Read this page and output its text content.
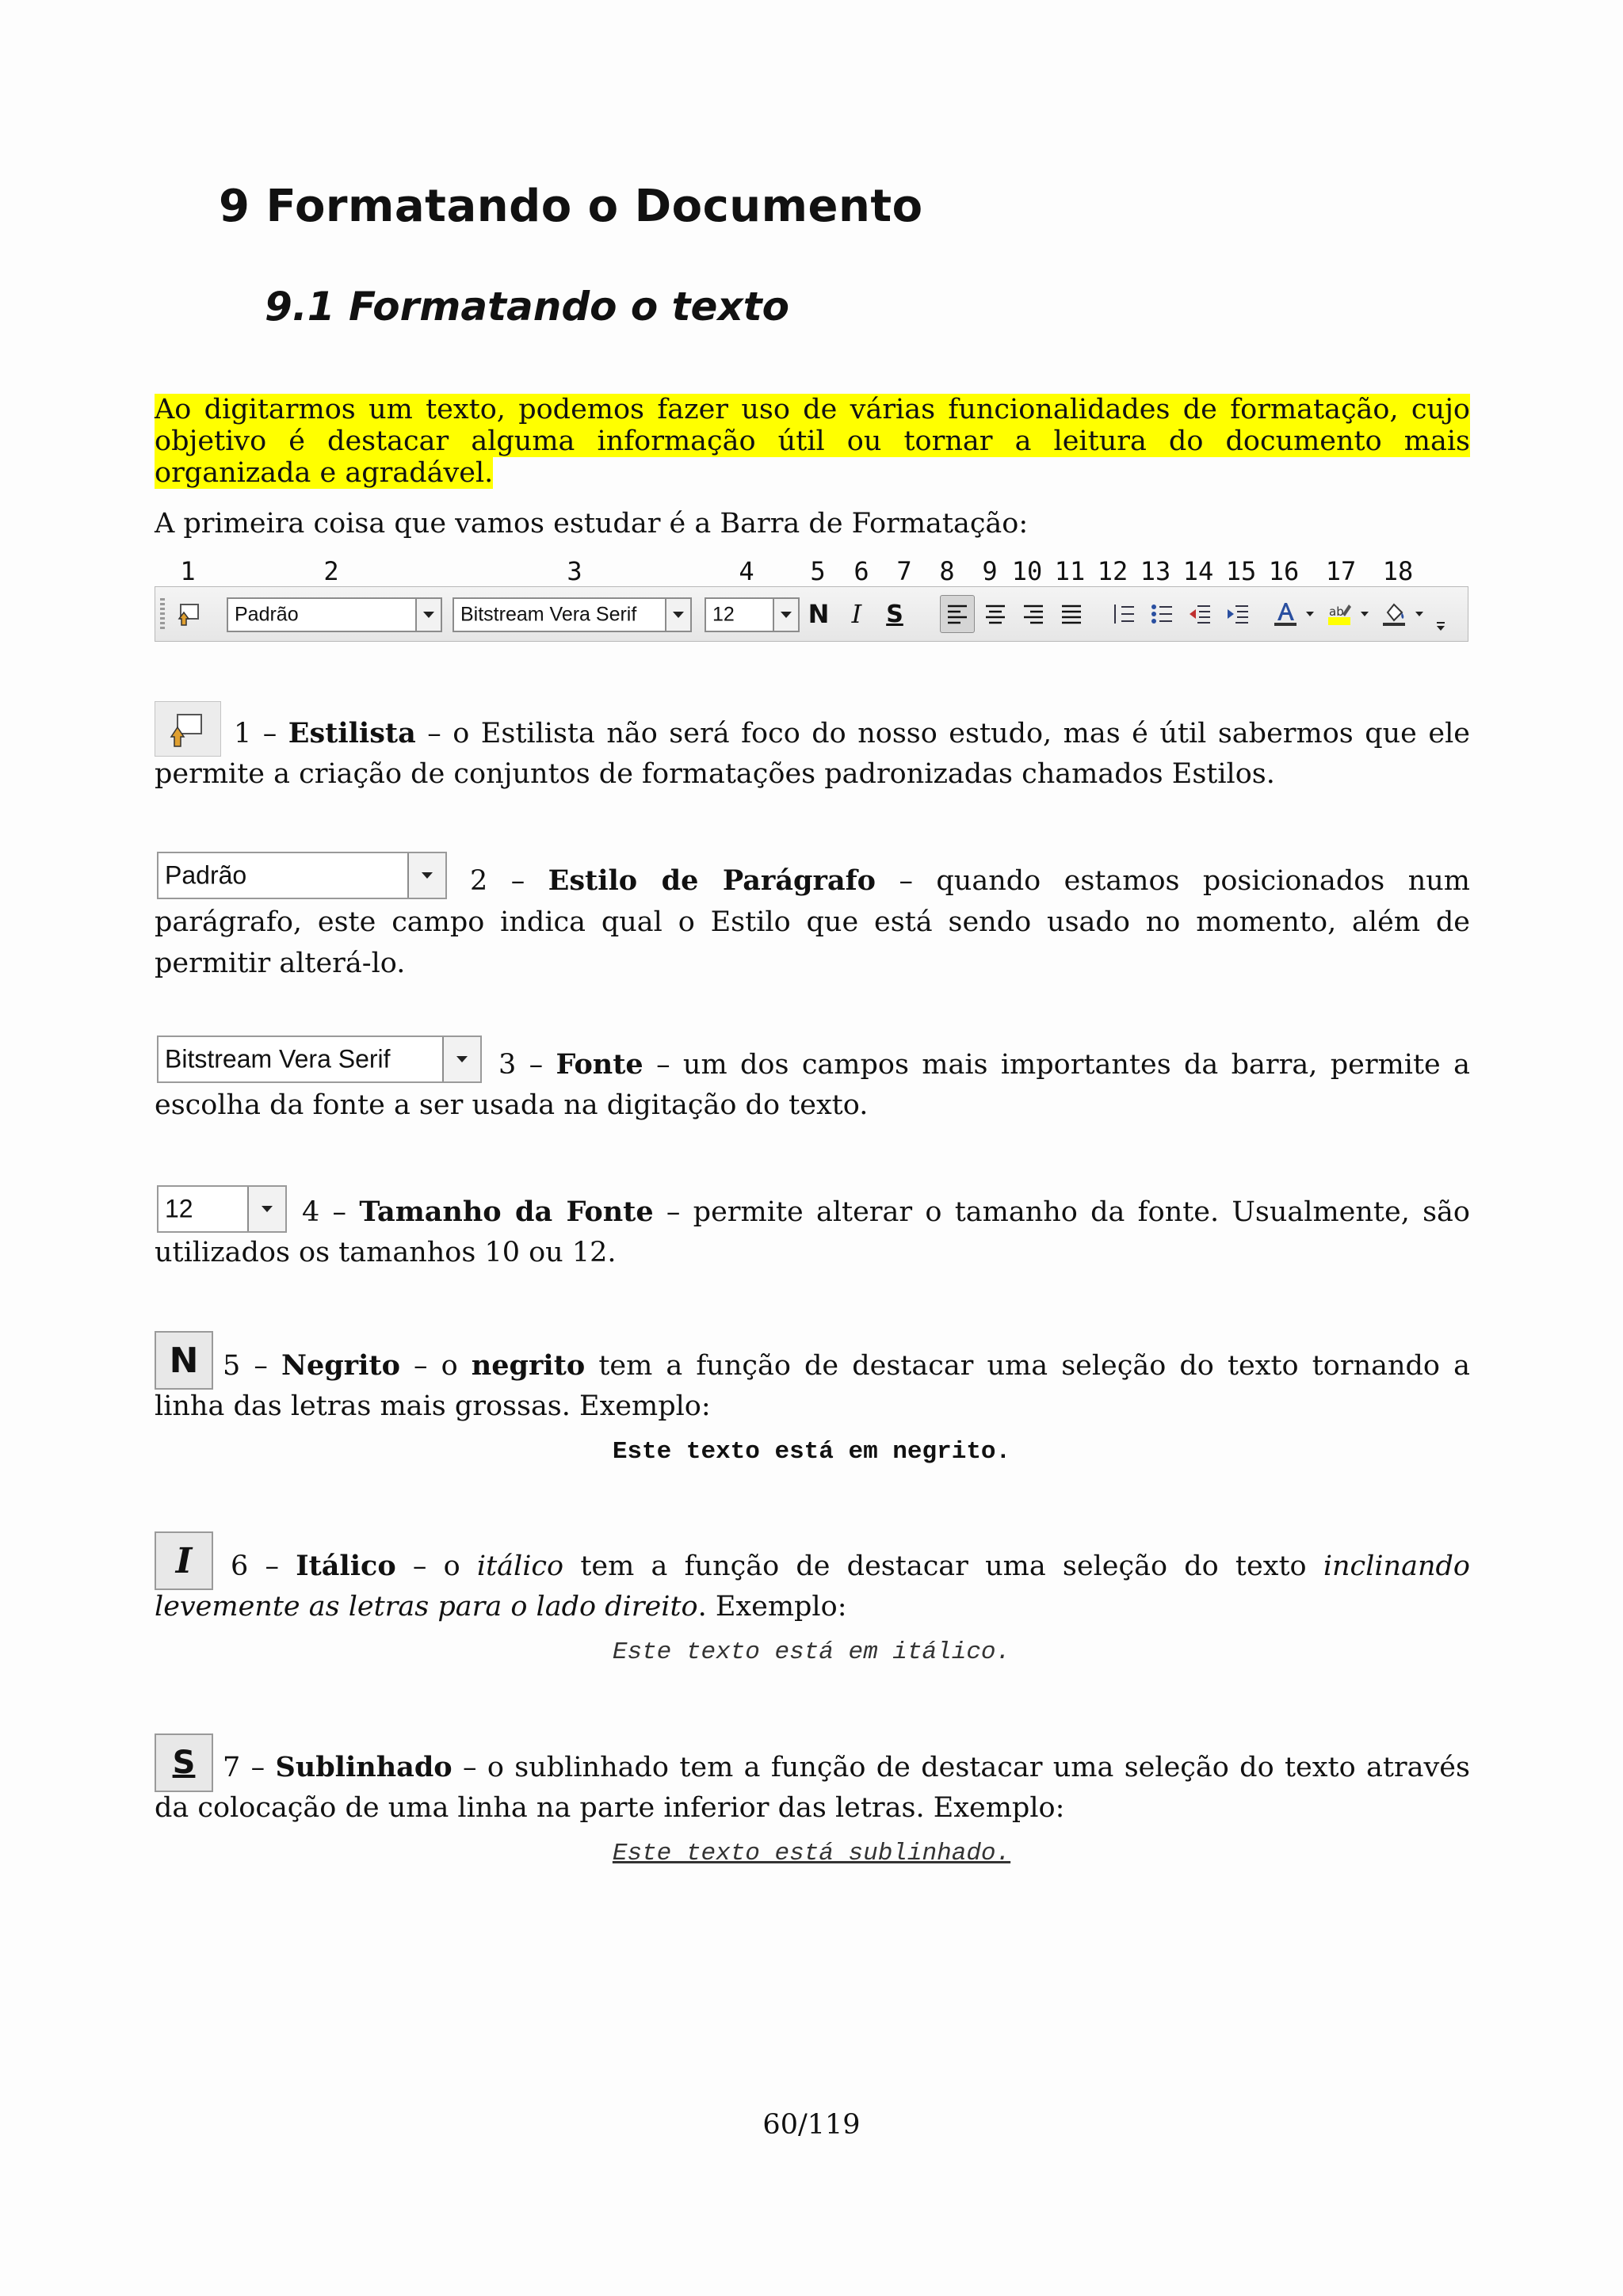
9 Formatando o Documento
9.1 Formatando o texto

Ao digitarmos um texto, podemos fazer uso de várias funcionalidades de formatação, cujo objetivo é destacar alguma informação útil ou tornar a leitura do documento mais organizada e agradável.

A primeira coisa que vamos estudar é a Barra de Formatação:

1	2	3	4 5 6 7 8 9 10 11 12 13 14 15 16 17 18
Padrão	Bitstream Vera Serif	12	N I S	ab

1 – Estilista – o Estilista não será foco do nosso estudo, mas é útil sabermos que ele permite a criação de conjuntos de formatações padronizadas chamados Estilos.

Padrão	2 – Estilo de Parágrafo – quando estamos posicionados num parágrafo, este campo indica qual o Estilo que está sendo usado no momento, além de permitir alterá-lo.

Bitstream Vera Serif	3 – Fonte – um dos campos mais importantes da barra, permite a escolha da fonte a ser usada na digitação do texto.

12	4 – Tamanho da Fonte – permite alterar o tamanho da fonte. Usualmente, são utilizados os tamanhos 10 ou 12.

N 5 – Negrito – o negrito tem a função de destacar uma seleção do texto tornando a linha das letras mais grossas. Exemplo:

Este texto está em negrito.
I	6 – Itálico – o itálico tem a função de destacar uma seleção do texto inclinando levemente as letras para o lado direito. Exemplo:

Este texto está em itálico.
S 7 – Sublinhado – o sublinhado tem a função de destacar uma seleção do texto através da colocação de uma linha na parte inferior das letras. Exemplo:

Este texto está sublinhado.
60/119
